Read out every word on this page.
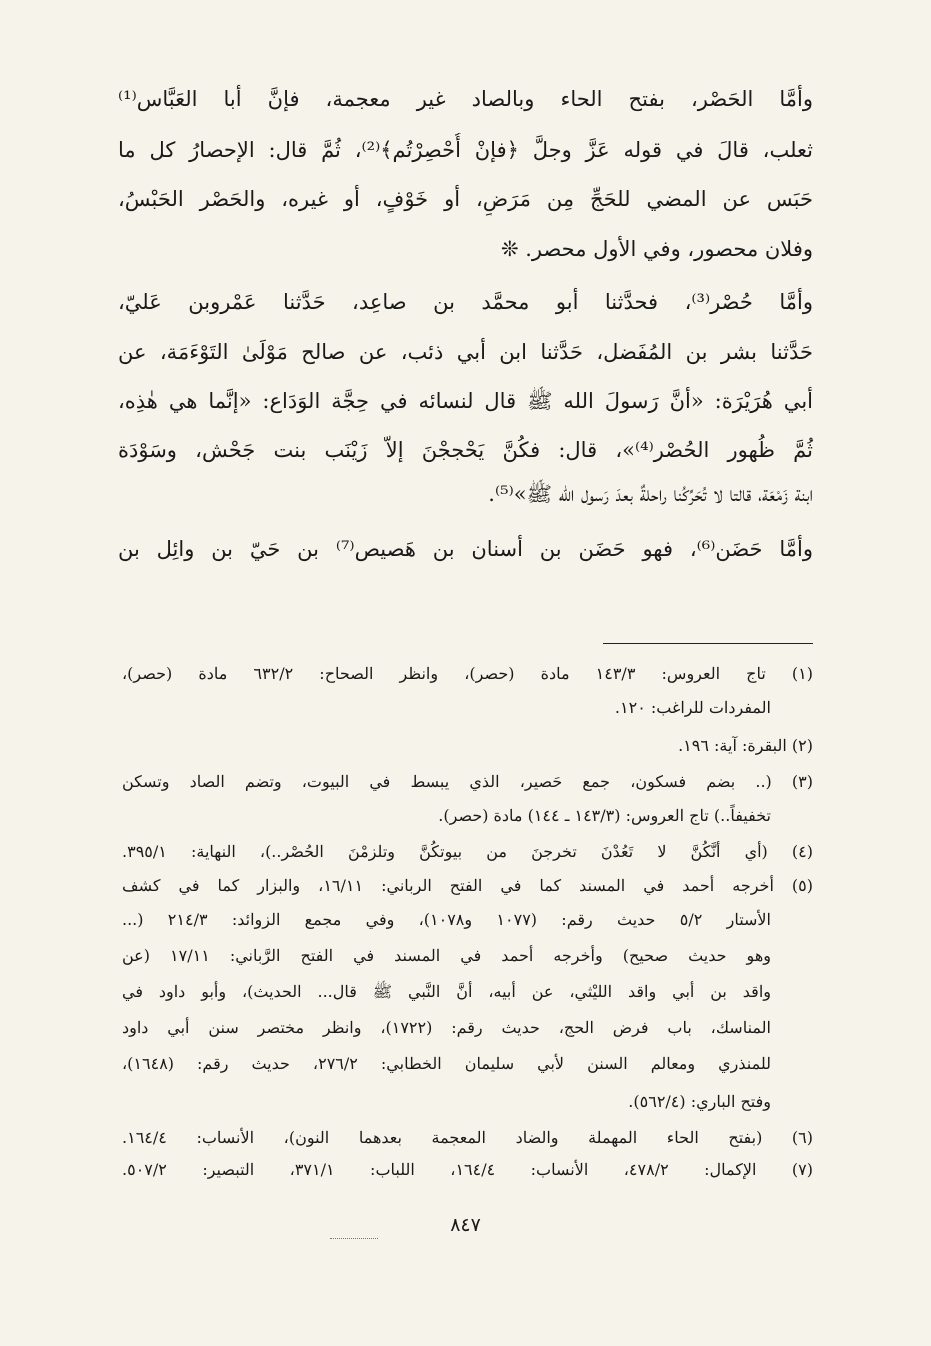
وأمَّا الحَصْر، بفتح الحاء وبالصاد غير معجمة، فإنَّ أبا العَبَّاس⁽¹⁾
ثعلب، قالَ في قوله عَزَّ وجلَّ ﴿فإنْ أُحْصِرْتُم﴾⁽²⁾، ثُمَّ قال: الإحصارُ كل ما
حَبَس عن المضي للحَجِّ مِن مَرَضٍ، أو خَوْفٍ، أو غيره، والحَصْر الحَبْسُ،
وفلان محصور، وفي الأول محصر. ❊
وأمَّا حُصْر⁽³⁾، فحدَّثنا أبو محمَّد بن صاعِد، حَدَّثنا عَمْروبن عَليّ،
حَدَّثنا بشر بن المُفَضل، حَدَّثنا ابن أبي ذئب، عن صالح مَوْلَىٰ التَوْءَمَة، عن
أبي هُرَيْرَة: «أنَّ رَسولَ الله ﷺ قال لنسائه في حِجَّة الوَدَاع: «إنَّما هي هٰذِه،
ثُمَّ ظُهور الحُصْر⁽⁴⁾»، قال: فكُنَّ يَحْججْنَ إلاّ زَيْنَب بنت جَحْش، وسَوْدَة
ابنة زَمْعَة، قالتا لا تُحَرِّكُنا راحلةٌ بعدَ رَسول الله ﷺ»⁽⁵⁾.
وأمَّا حَضَن⁽⁶⁾، فهو حَضَن بن أسنان بن هَصيص⁽⁷⁾ بن حَيّ بن وائِل بن
(١) تاج العروس: ١٤٣/٣ مادة (حصر)، وانظر الصحاح: ٦٣٢/٢ مادة (حصر)،
المفردات للراغب: ١٢٠.
(٢) البقرة: آية: ١٩٦.
(٣) (.. بضم فسكون، جمع حَصير، الذي يبسط في البيوت، وتضم الصاد وتسكن
تخفيفاً..) تاج العروس: (١٤٣/٣ ـ ١٤٤) مادة (حصر).
(٤) (أي أنَّكُنَّ لا تَعُدْنَ تخرجنَ من بيوتكُنَّ وتلزمْنَ الحُصْر..)، النهاية: ٣٩٥/١.
(٥) أخرجه أحمد في المسند كما في الفتح الرباني: ١٦/١١، والبزار كما في كشف
الأستار ٥/٢ حديث رقم: (١٠٧٧ و١٠٧٨)، وفي مجمع الزوائد: ٢١٤/٣ (...
وهو حديث صحيح) وأخرجه أحمد في المسند في الفتح الرَّباني: ١٧/١١ (عن
واقد بن أبي واقد الليْثي، عن أبيه، أنَّ النَّبي ﷺ قال... الحديث)، وأبو داود في
المناسك، باب فرض الحج، حديث رقم: (١٧٢٢)، وانظر مختصر سنن أبي داود
للمنذري ومعالم السنن لأبي سليمان الخطابي: ٢٧٦/٢، حديث رقم: (١٦٤٨)،
وفتح الباري: (٥٦٢/٤).
(٦) (بفتح الحاء المهملة والضاد المعجمة بعدهما النون)، الأنساب: ١٦٤/٤.
(٧) الإكمال: ٤٧٨/٢، الأنساب: ١٦٤/٤، اللباب: ٣٧١/١، التبصير: ٥٠٧/٢.
٨٤٧
